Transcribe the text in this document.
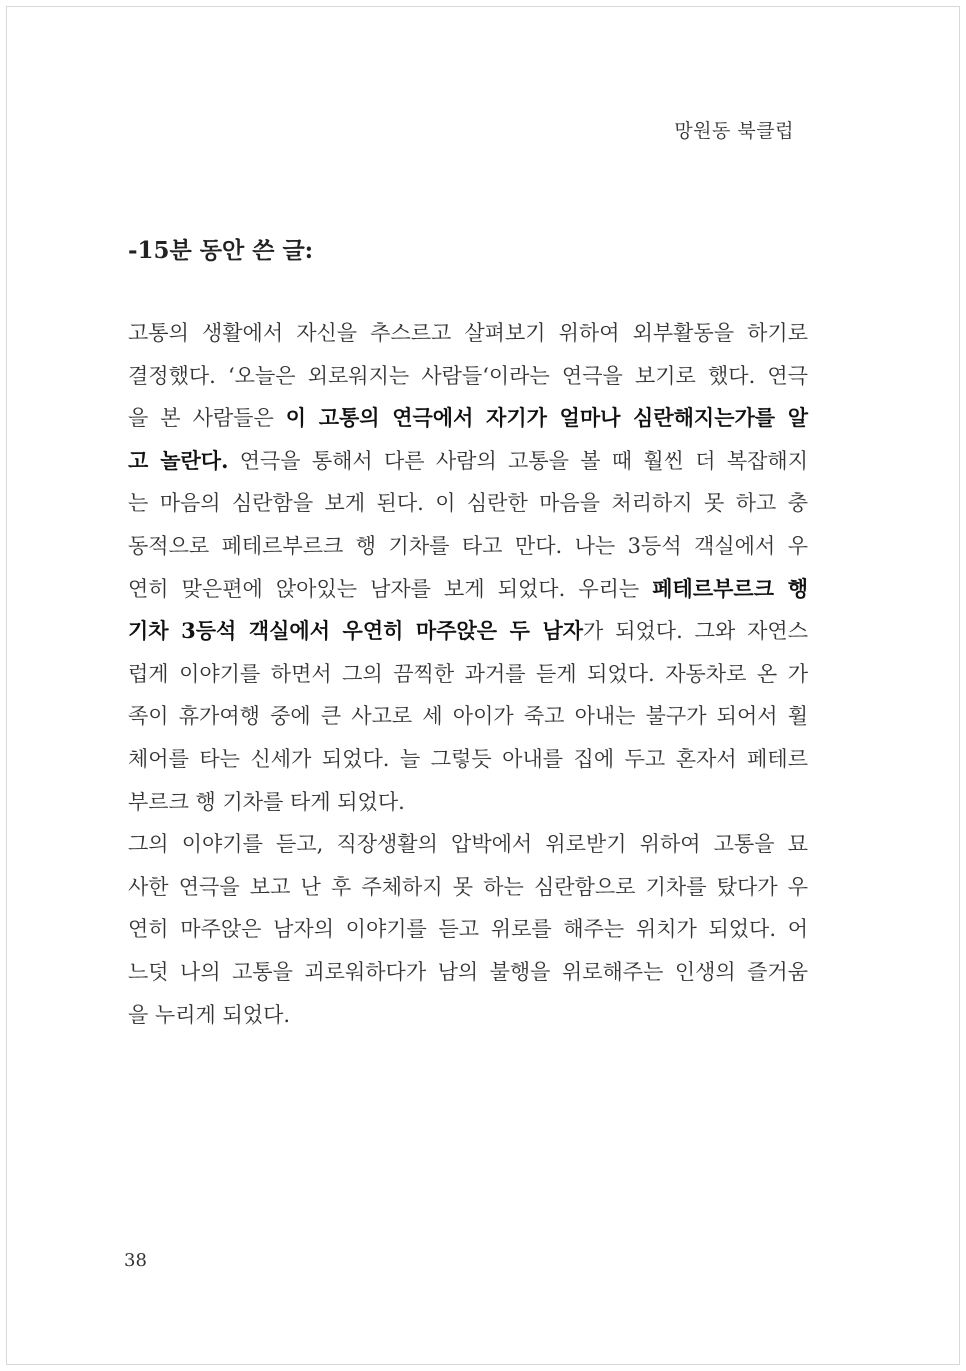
망원동 북클럽
-15분 동안 쓴 글:
고통의 생활에서 자신을 추스르고 살펴보기 위하여 외부활동을 하기로
결정했다. ‘오늘은 외로워지는 사람들‘이라는 연극을 보기로 했다. 연극
을 본 사람들은 이 고통의 연극에서 자기가 얼마나 심란해지는가를 알
고 놀란다. 연극을 통해서 다른 사람의 고통을 볼 때 훨씬 더 복잡해지
는 마음의 심란함을 보게 된다. 이 심란한 마음을 처리하지 못 하고 충
동적으로 페테르부르크 행 기차를 타고 만다. 나는 3등석 객실에서 우
연히 맞은편에 앉아있는 남자를 보게 되었다. 우리는 페테르부르크 행
기차 3등석 객실에서 우연히 마주앉은 두 남자가 되었다. 그와 자연스
럽게 이야기를 하면서 그의 끔찍한 과거를 듣게 되었다. 자동차로 온 가
족이 휴가여행 중에 큰 사고로 세 아이가 죽고 아내는 불구가 되어서 휠
체어를 타는 신세가 되었다. 늘 그렇듯 아내를 집에 두고 혼자서 페테르
부르크 행 기차를 타게 되었다.
그의 이야기를 듣고, 직장생활의 압박에서 위로받기 위하여 고통을 묘
사한 연극을 보고 난 후 주체하지 못 하는 심란함으로 기차를 탔다가 우
연히 마주앉은 남자의 이야기를 듣고 위로를 해주는 위치가 되었다. 어
느덧 나의 고통을 괴로워하다가 남의 불행을 위로해주는 인생의 즐거움
을 누리게 되었다.
38
